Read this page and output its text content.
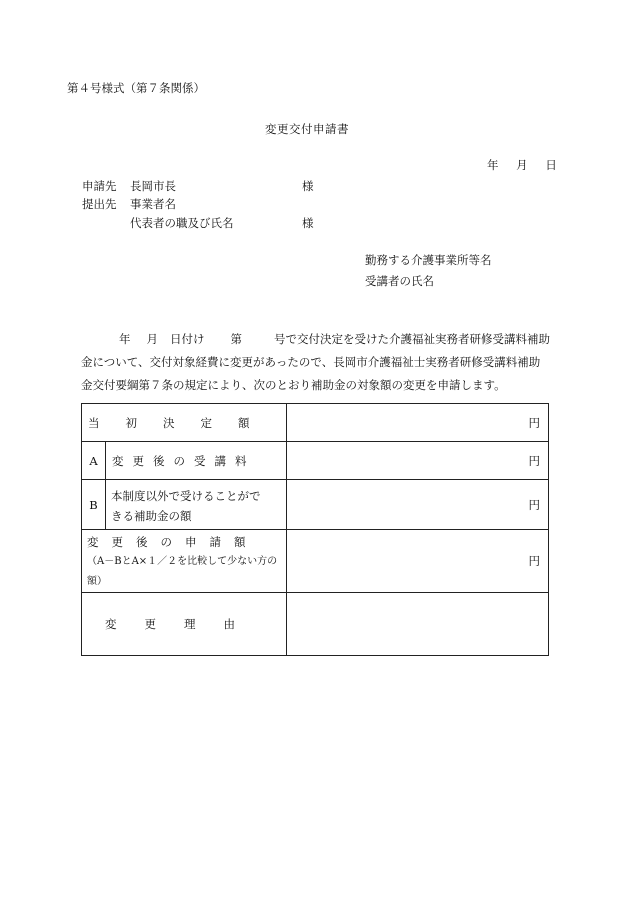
第４号様式（第７条関係）
変更交付申請書
年 月 日
申請先 長岡市長	様
提出先 事業者名
代表者の職及び氏名	様
勤務する介護事業所等名
受講者の氏名
年 月 日付け 第	号で交付決定を受けた介護福祉実務者研修受講料補助金について、交付対象経費に変更があったので、長岡市介護福祉士実務者研修受講料補助金交付要綱第７条の規定により、次のとおり補助金の対象額の変更を申請します。
当初決定額		円
A	変更後の受講料	円
B	本制度以外で受けることがで
きる補助金の額	円

変更後の申請額
（A－BとA×１／２を比較して少ない方の額）		円
変更理由		
